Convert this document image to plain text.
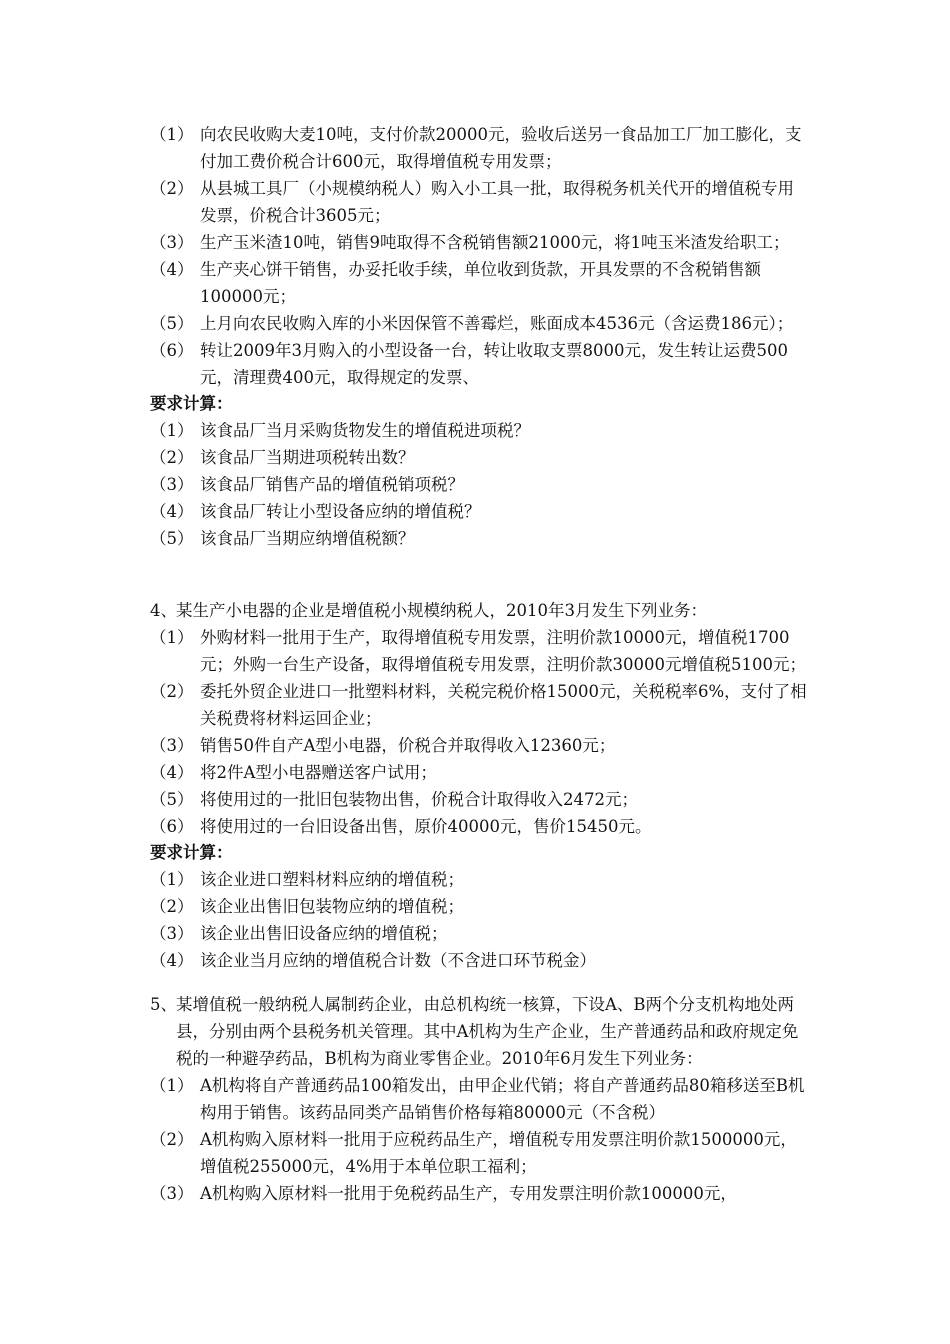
（1） 向农民收购大麦10吨，支付价款20000元，验收后送另一食品加工厂加工膨化，支付加工费价税合计600元，取得增值税专用发票；
（2） 从县城工具厂（小规模纳税人）购入小工具一批，取得税务机关代开的增值税专用发票，价税合计3605元；
（3） 生产玉米渣10吨，销售9吨取得不含税销售额21000元，将1吨玉米渣发给职工；
（4） 生产夹心饼干销售，办妥托收手续，单位收到货款，开具发票的不含税销售额100000元；
（5） 上月向农民收购入库的小米因保管不善霉烂，账面成本4536元（含运费186元）；
（6） 转让2009年3月购入的小型设备一台，转让收取支票8000元，发生转让运费500元，清理费400元，取得规定的发票、
要求计算：
（1） 该食品厂当月采购货物发生的增值税进项税？
（2） 该食品厂当期进项税转出数？
（3） 该食品厂销售产品的增值税销项税？
（4） 该食品厂转让小型设备应纳的增值税？
（5） 该食品厂当期应纳增值税额？
4、 某生产小电器的企业是增值税小规模纳税人，2010年3月发生下列业务：
（1） 外购材料一批用于生产，取得增值税专用发票，注明价款10000元，增值税1700元；外购一台生产设备，取得增值税专用发票，注明价款30000元增值税5100元；
（2） 委托外贸企业进口一批塑料材料，关税完税价格15000元，关税税率6%，支付了相关税费将材料运回企业；
（3） 销售50件自产A型小电器，价税合并取得收入12360元；
（4） 将2件A型小电器赠送客户试用；
（5） 将使用过的一批旧包装物出售，价税合计取得收入2472元；
（6） 将使用过的一台旧设备出售，原价40000元，售价15450元。
要求计算：
（1） 该企业进口塑料材料应纳的增值税；
（2） 该企业出售旧包装物应纳的增值税；
（3） 该企业出售旧设备应纳的增值税；
（4） 该企业当月应纳的增值税合计数（不含进口环节税金）
5、 某增值税一般纳税人属制药企业，由总机构统一核算，下设A、B两个分支机构地处两县，分别由两个县税务机关管理。其中A机构为生产企业，生产普通药品和政府规定免税的一种避孕药品，B机构为商业零售企业。2010年6月发生下列业务：
（1） A机构将自产普通药品100箱发出，由甲企业代销；将自产普通药品80箱移送至B机构用于销售。该药品同类产品销售价格每箱80000元（不含税）
（2） A机构购入原材料一批用于应税药品生产，增值税专用发票注明价款1500000元，增值税255000元，4%用于本单位职工福利；
（3） A机构购入原材料一批用于免税药品生产，专用发票注明价款100000元，
